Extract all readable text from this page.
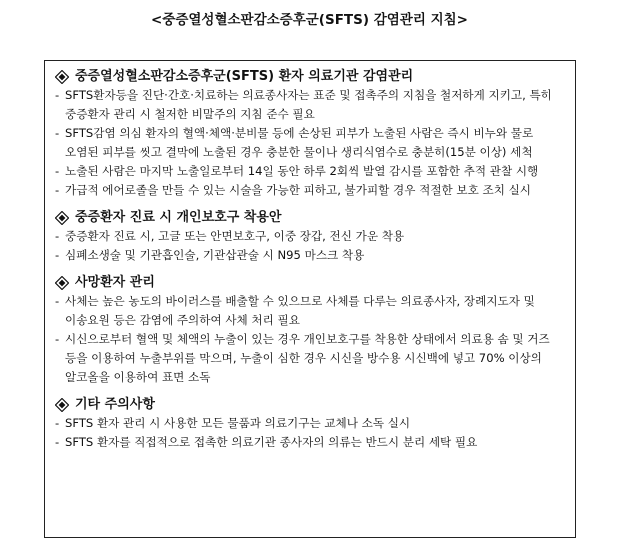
<중증열성혈소판감소증후군(SFTS) 감염관리 지침>
중증열성혈소판감소증후군(SFTS) 환자 의료기관 감염관리
- SFTS환자등을 진단·간호·치료하는 의료종사자는 표준 및 접촉주의 지침을 철저하게 지키고, 특히 중증환자 관리 시 철저한 비말주의 지침 준수 필요
- SFTS감염 의심 환자의 혈액·체액·분비물 등에 손상된 피부가 노출된 사람은 즉시 비누와 물로 오염된 피부를 씻고 결막에 노출된 경우 충분한 물이나 생리식염수로 충분히(15분 이상) 세척
- 노출된 사람은 마지막 노출일로부터 14일 동안 하루 2회씩 발열 감시를 포함한 추적 관찰 시행
- 가급적 에어로졸을 만들 수 있는 시술을 가능한 피하고, 불가피할 경우 적절한 보호 조치 실시
중증환자 진료 시 개인보호구 착용안
- 중증환자 진료 시, 고글 또는 안면보호구, 이중 장갑, 전신 가운 착용
- 심폐소생술 및 기관흡인술, 기관삽관술 시 N95 마스크 착용
사망환자 관리
- 사체는 높은 농도의 바이러스를 배출할 수 있으므로 사체를 다루는 의료종사자, 장례지도자 및 이송요원 등은 감염에 주의하여 사체 처리 필요
- 시신으로부터 혈액 및 체액의 누출이 있는 경우 개인보호구를 착용한 상태에서 의료용 솜 및 거즈 등을 이용하여 누출부위를 막으며, 누출이 심한 경우 시신을 방수용 시신백에 넣고 70% 이상의 알코올을 이용하여 표면 소독
기타 주의사항
- SFTS 환자 관리 시 사용한 모든 물품과 의료기구는 교체나 소독 실시
- SFTS 환자를 직접적으로 접촉한 의료기관 종사자의 의류는 반드시 분리 세탁 필요
